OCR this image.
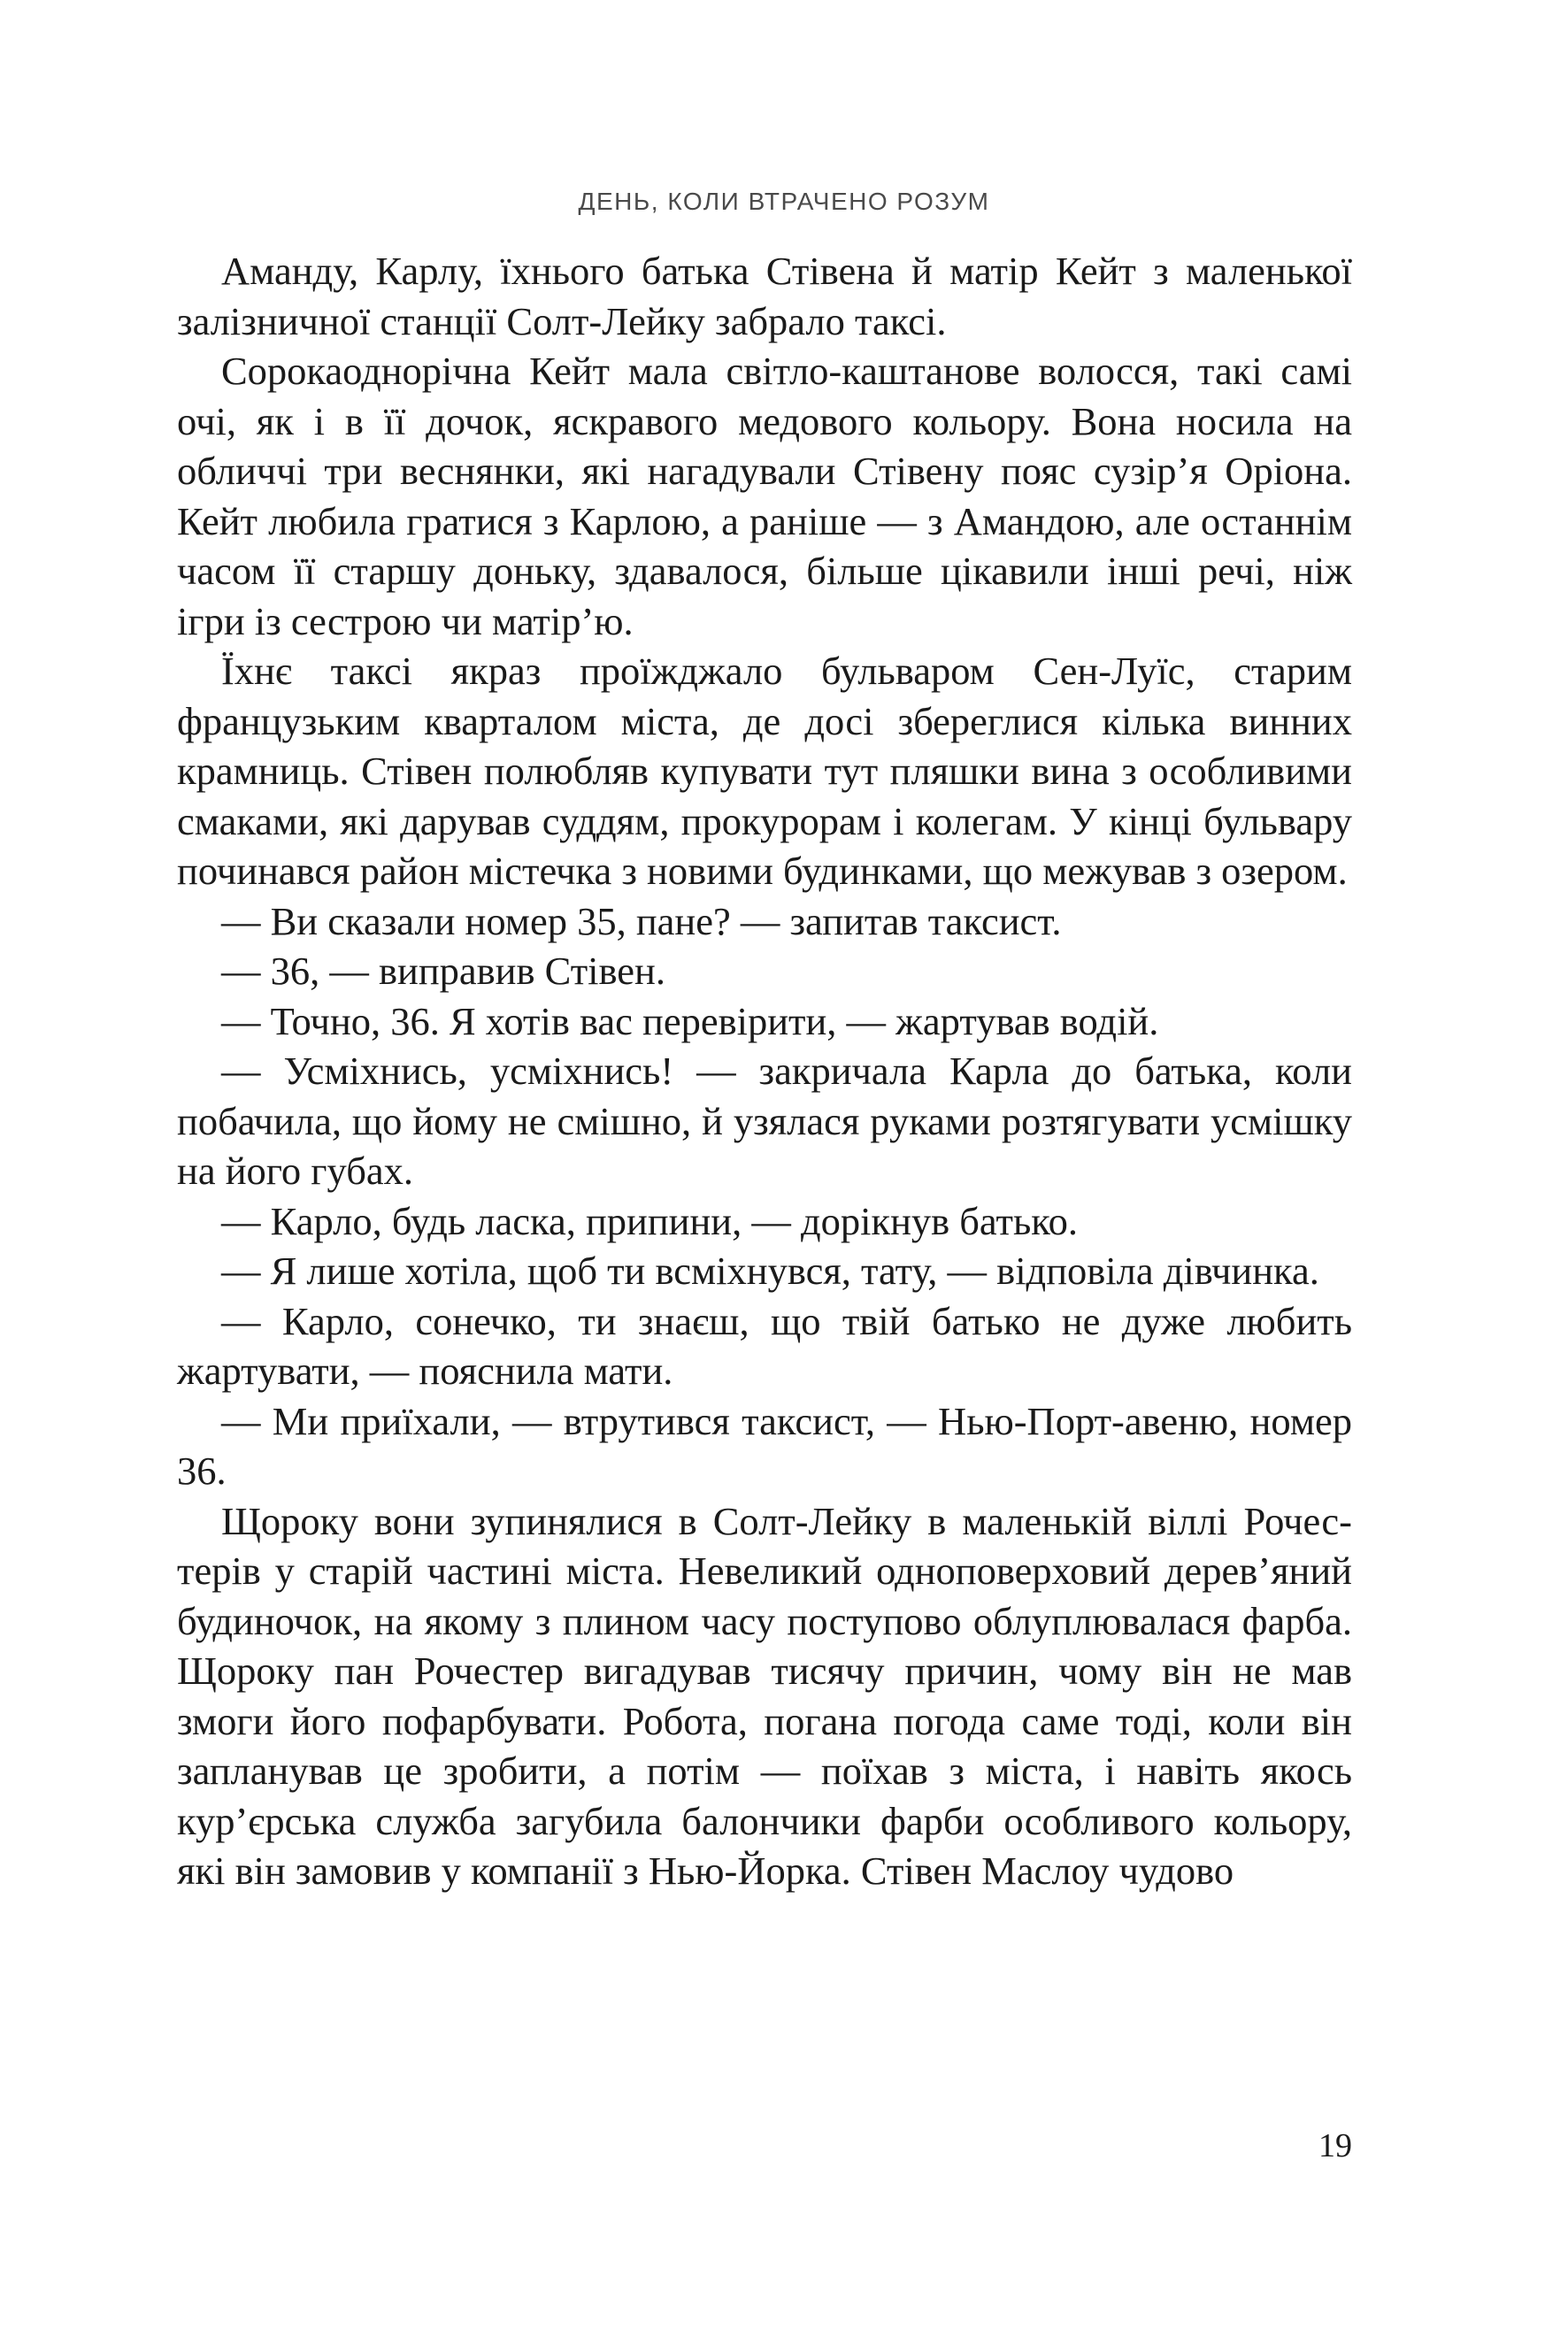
ДЕНЬ, КОЛИ ВТРАЧЕНО РОЗУМ

Аманду, Карлу, їхнього батька Стівена й матір Кейт з маленької залізничної станції Солт-Лейку забрало таксі.

Сорокаоднорічна Кейт мала світло-каштанове волосся, такі самі очі, як і в її дочок, яскравого медового кольору. Вона носила на обличчі три веснянки, які нагадували Стівену пояс сузір’я Оріона. Кейт любила гратися з Карлою, а раніше — з Амандою, але останнім часом її старшу доньку, здавалося, більше цікавили інші речі, ніж ігри із сестрою чи матір’ю.

Їхнє таксі якраз проїжджало бульваром Сен-Луїс, старим французьким кварталом міста, де досі збереглися кілька винних крамниць. Стівен полюбляв купувати тут пляшки вина з особливими смаками, які дарував суддям, прокурорам і колегам. У кінці бульвару починався район містечка з новими будинками, що межував з озером.

— Ви сказали номер 35, пане? — запитав таксист.

— 36, — виправив Стівен.

— Точно, 36. Я хотів вас перевірити, — жартував водій.

— Усміхнись, усміхнись! — закричала Карла до батька, коли побачила, що йому не смішно, й узялася руками розтягувати усмішку на його губах.

— Карло, будь ласка, припини, — дорікнув батько.

— Я лише хотіла, щоб ти всміхнувся, тату, — відповіла дівчинка.

— Карло, сонечко, ти знаєш, що твій батько не дуже любить жартувати, — пояснила мати.

— Ми приїхали, — втрутився таксист, — Нью-Порт-авеню, номер 36.

Щороку вони зупинялися в Солт-Лейку в маленькій віллі Рочестерів у старій частині міста. Невеликий одноповерховий дерев’яний будиночок, на якому з плином часу поступово облуплювалася фарба. Щороку пан Рочестер вигадував тисячу причин, чому він не мав змоги його пофарбувати. Робота, погана погода саме тоді, коли він запланував це зробити, а потім — поїхав з міста, і навіть якось кур’єрська служба загубила балончики фарби особливого кольору, які він замовив у компанії з Нью-Йорка. Стівен Маслоу чудово

19
